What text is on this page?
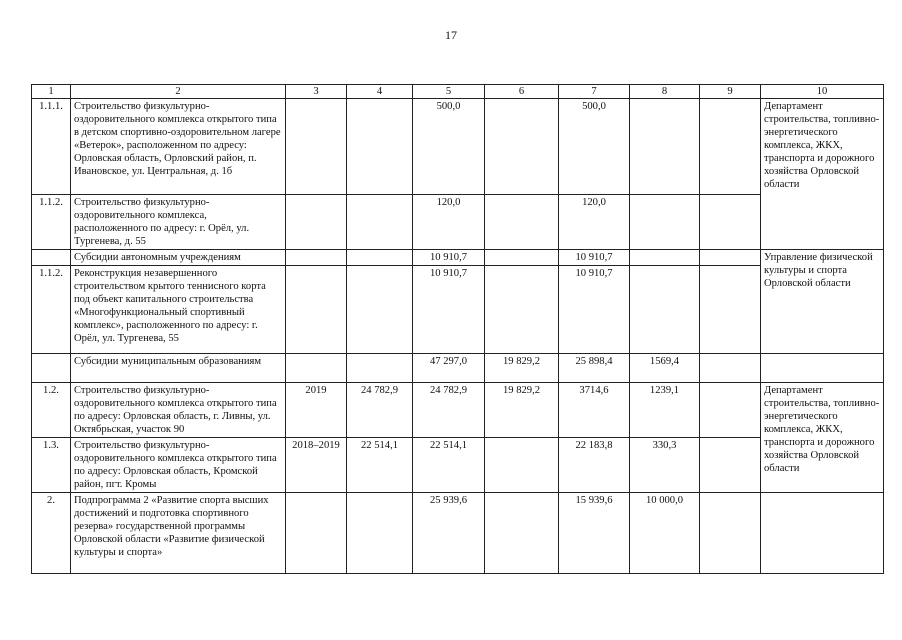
17
1	2	3	4	5	6	7	8	9	10
1.1.1.	Строительство физкультурно-оздоровительного комплекса открытого типа в детском спортивно-оздоровительном лагере «Ветерок», расположенном по адресу: Орловская область, Орловский район, п. Ивановское, ул. Центральная, д. 1б			500,0		500,0			Департамент строительства, топливно-энергетического комплекса, ЖКХ, транспорта и дорожного хозяйства Орловской области
1.1.2.	Строительство физкультурно-оздоровительного комплекса, расположенного по адресу: г. Орёл, ул. Тургенева, д. 55			120,0		120,0			
	Субсидии автономным учреждениям			10 910,7		10 910,7			Управление физической культуры и спорта Орловской области
1.1.2.	Реконструкция незавершенного строительством крытого теннисного корта под объект капитального строительства «Многофункциональный спортивный комплекс», расположенного по адресу: г. Орёл, ул. Тургенева, 55			10 910,7		10 910,7			
	Субсидии муниципальным образованиям			47 297,0	19 829,2	25 898,4	1569,4		
1.2.	Строительство физкультурно-оздоровительного комплекса открытого типа по адресу: Орловская область, г. Ливны, ул. Октябрьская, участок 90	2019	24 782,9	24 782,9	19 829,2	3714,6	1239,1		Департамент строительства, топливно-энергетического комплекса, ЖКХ, транспорта и дорожного хозяйства Орловской области
1.3.	Строительство физкультурно-оздоровительного комплекса открытого типа по адресу: Орловская область, Кромской район, пгт. Кромы	2018–2019	22 514,1	22 514,1		22 183,8	330,3		
2.	Подпрограмма 2 «Развитие спорта высших достижений и подготовка спортивного резерва» государственной программы Орловской области «Развитие физической культуры и спорта»			25 939,6		15 939,6	10 000,0		
